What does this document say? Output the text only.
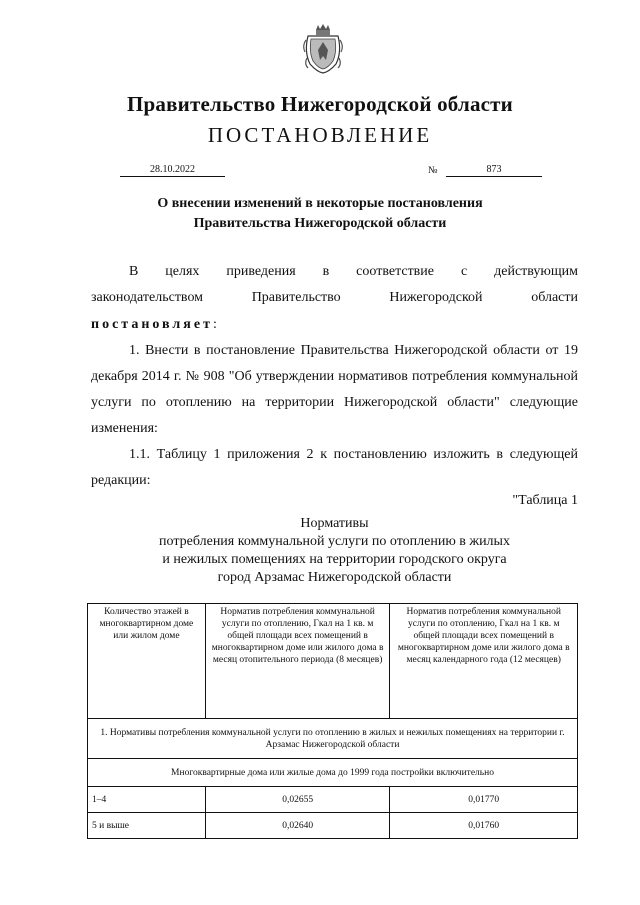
Правительство Нижегородской области
ПОСТАНОВЛЕНИЕ
28.10.2022	№	873
О внесении изменений в некоторые постановления
Правительства Нижегородской области
В целях приведения в соответствие с действующим
законодательством Правительство Нижегородской области
постановляет:
1. Внести в постановление Правительства Нижегородской области от 19 декабря 2014 г. № 908 "Об утверждении нормативов потребления коммунальной услуги по отоплению на территории Нижегородской области" следующие изменения:
1.1. Таблицу 1 приложения 2 к постановлению изложить в следующей редакции:
"Таблица 1
Нормативы
потребления коммунальной услуги по отоплению в жилых
и нежилых помещениях на территории городского округа
город Арзамас Нижегородской области
Количество этажей в многоквартирном доме или жилом доме	Норматив потребления коммунальной услуги по отоплению, Гкал на 1 кв. м общей площади всех помещений в многоквартирном доме или жилого дома в месяц отопительного периода (8 месяцев)	Норматив потребления коммунальной услуги по отоплению, Гкал на 1 кв. м общей площади всех помещений в многоквартирном доме или жилого дома в месяц календарного года (12 месяцев)
1. Нормативы потребления коммунальной услуги по отоплению в жилых и нежилых помещениях на территории г. Арзамас Нижегородской области		
Многоквартирные дома или жилые дома до 1999 года постройки включительно		
1–4	0,02655	0,01770
5 и выше	0,02640	0,01760
